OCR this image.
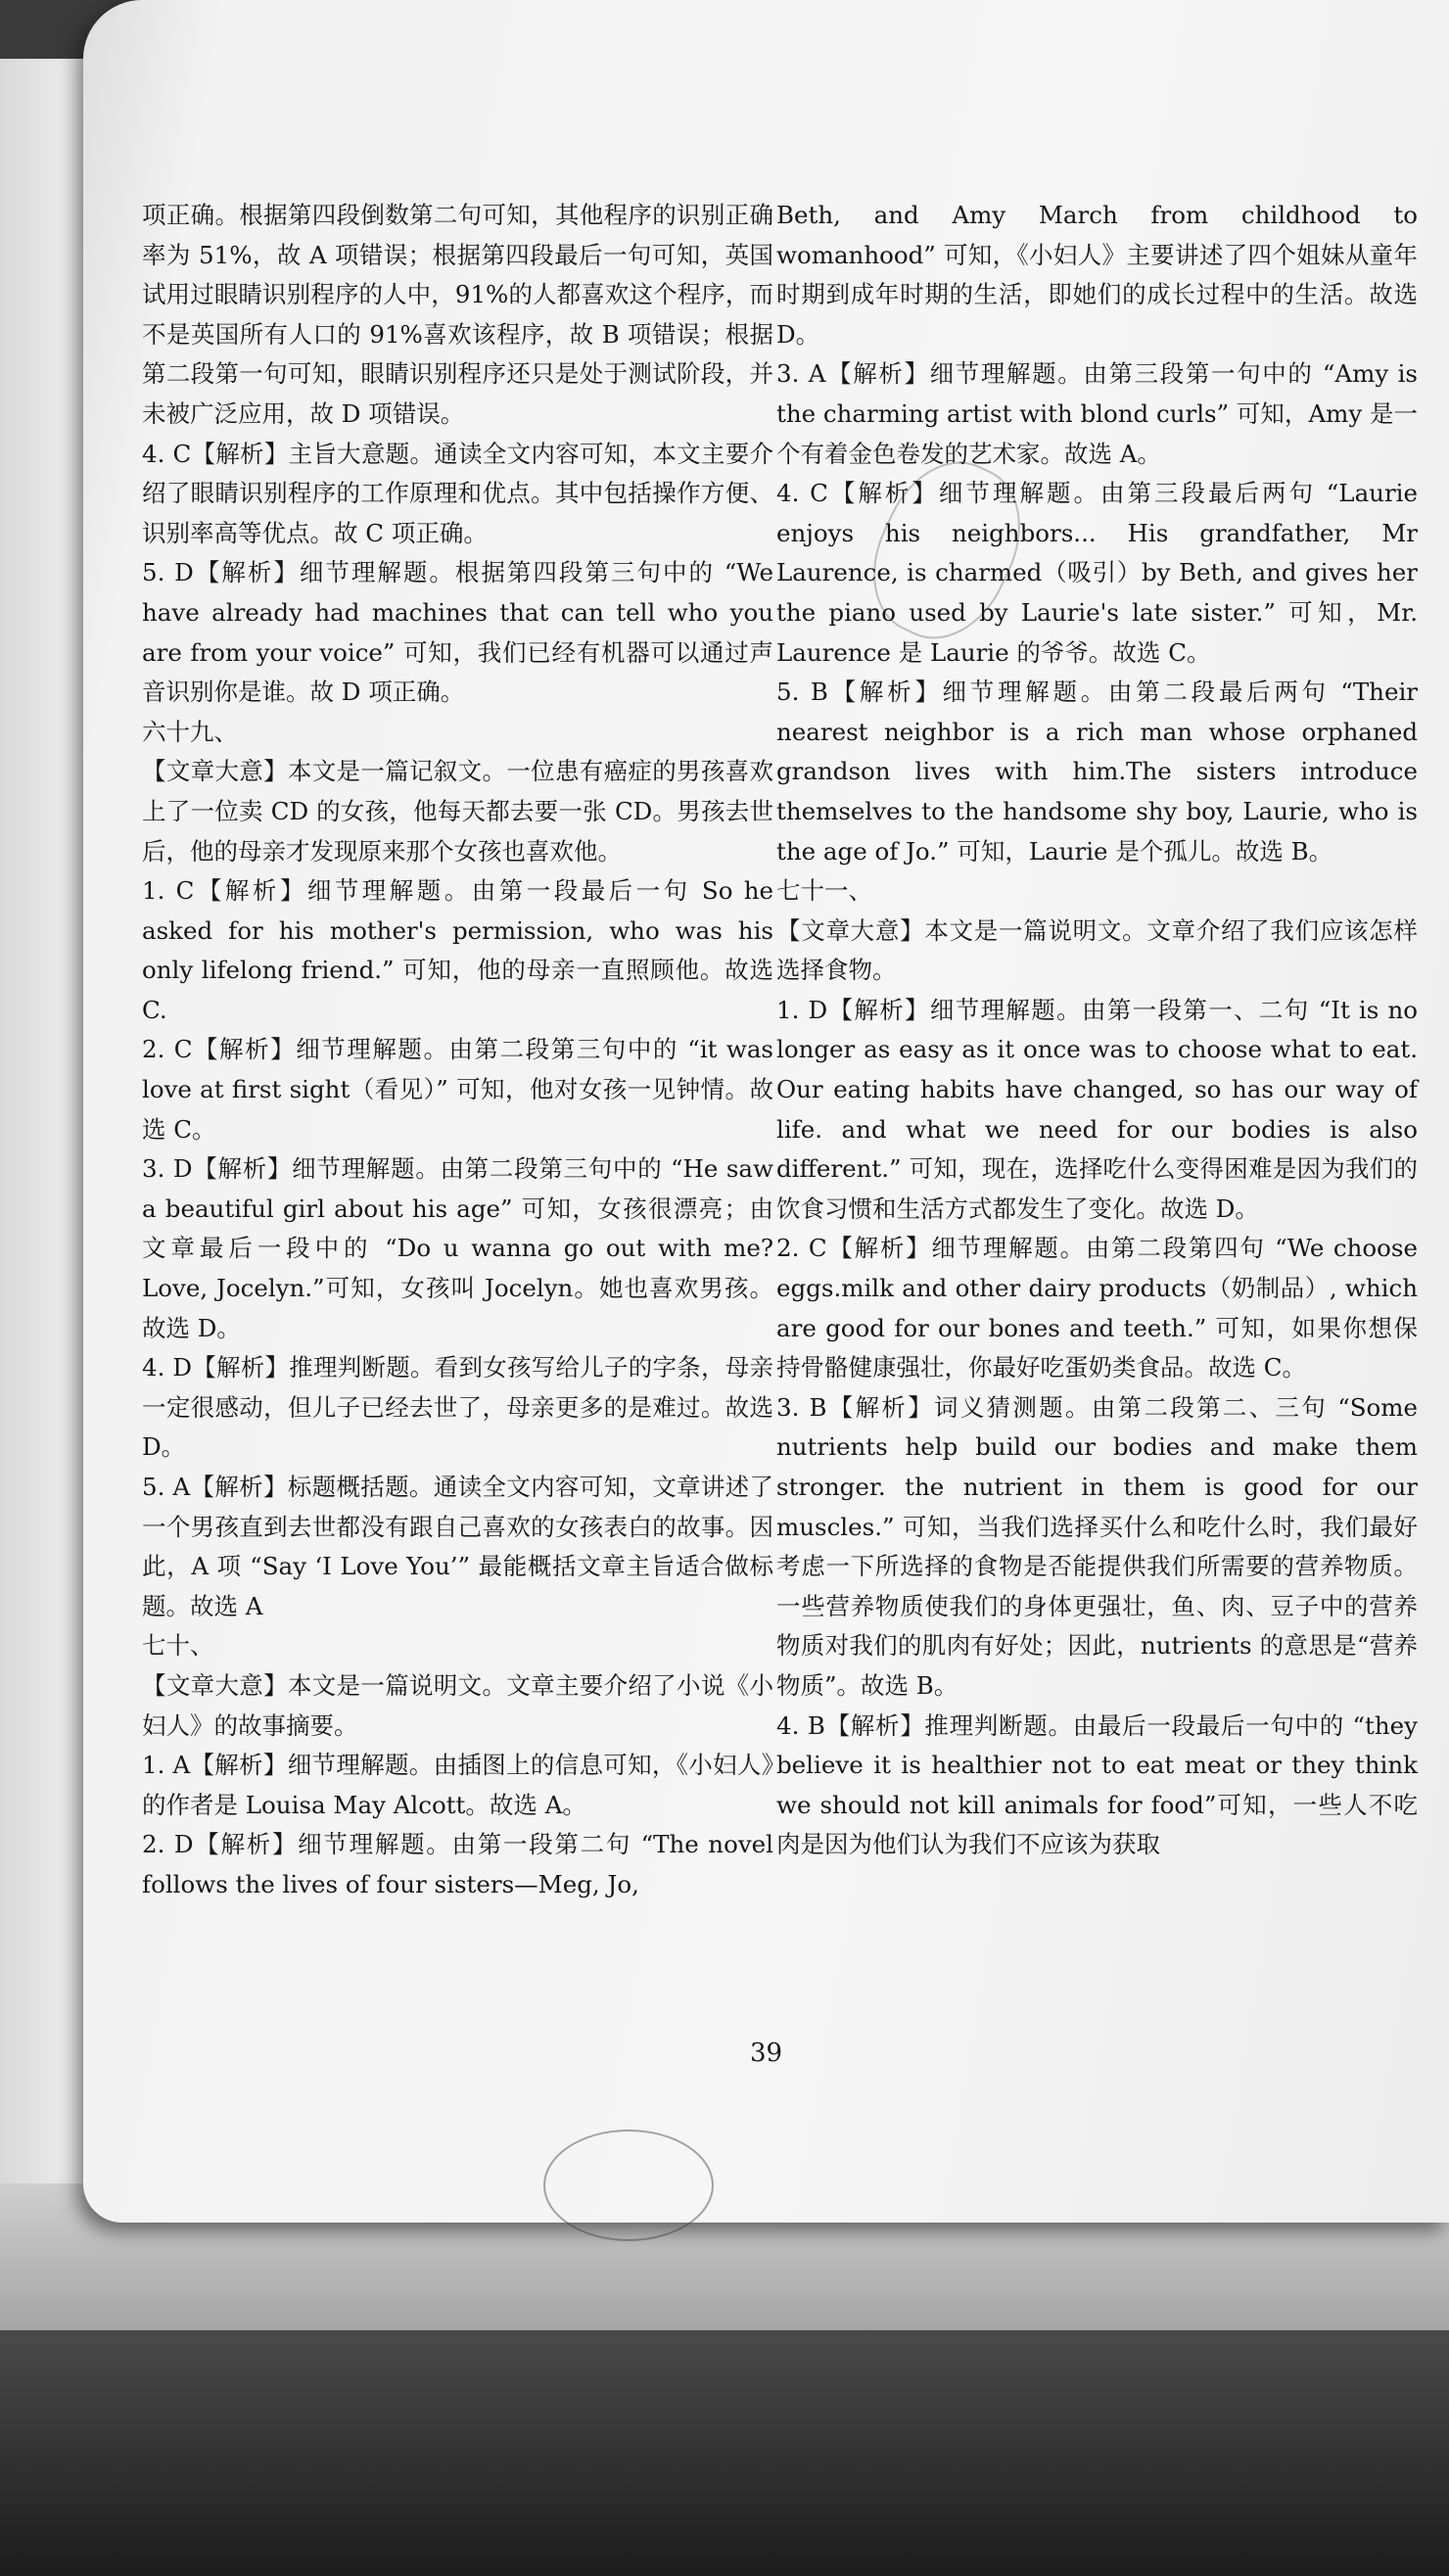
项正确。根据第四段倒数第二句可知，其他程序的识别正确率为 51%，故 A 项错误；根据第四段最后一句可知，英国试用过眼睛识别程序的人中，91%的人都喜欢这个程序，而不是英国所有人口的 91%喜欢该程序，故 B 项错误；根据第二段第一句可知，眼睛识别程序还只是处于测试阶段，并未被广泛应用，故 D 项错误。

4. C【解析】主旨大意题。通读全文内容可知，本文主要介绍了眼睛识别程序的工作原理和优点。其中包括操作方便、识别率高等优点。故 C 项正确。

5. D【解析】细节理解题。根据第四段第三句中的 “We have already had machines that can tell who you are from your voice” 可知，我们已经有机器可以通过声音识别你是谁。故 D 项正确。

六十九、

【文章大意】本文是一篇记叙文。一位患有癌症的男孩喜欢上了一位卖 CD 的女孩，他每天都去要一张 CD。男孩去世后，他的母亲才发现原来那个女孩也喜欢他。

1. C【解析】细节理解题。由第一段最后一句 So he asked for his mother's permission, who was his only lifelong friend.” 可知，他的母亲一直照顾他。故选 C.

2. C【解析】细节理解题。由第二段第三句中的 “it was love at first sight（看见）” 可知，他对女孩一见钟情。故选 C。

3. D【解析】细节理解题。由第二段第三句中的 “He saw a beautiful girl about his age” 可知，女孩很漂亮；由文章最后一段中的 “Do u wanna go out with me? Love, Jocelyn.”可知，女孩叫 Jocelyn。她也喜欢男孩。故选 D。

4. D【解析】推理判断题。看到女孩写给儿子的字条，母亲一定很感动，但儿子已经去世了，母亲更多的是难过。故选 D。

5. A【解析】标题概括题。通读全文内容可知，文章讲述了一个男孩直到去世都没有跟自己喜欢的女孩表白的故事。因此，A 项 “Say ‘I Love You’” 最能概括文章主旨适合做标题。故选 A

七十、

【文章大意】本文是一篇说明文。文章主要介绍了小说《小妇人》的故事摘要。

1. A【解析】细节理解题。由插图上的信息可知，《小妇人》的作者是 Louisa May Alcott。故选 A。

2. D【解析】细节理解题。由第一段第二句 “The novel follows the lives of four sisters—Meg, Jo,

Beth, and Amy March from childhood to womanhood” 可知，《小妇人》主要讲述了四个姐妹从童年时期到成年时期的生活，即她们的成长过程中的生活。故选 D。

3. A【解析】细节理解题。由第三段第一句中的 “Amy is the charming artist with blond curls” 可知，Amy 是一个有着金色卷发的艺术家。故选 A。

4. C【解析】细节理解题。由第三段最后两句 “Laurie enjoys his neighbors... His grandfather, Mr Laurence, is charmed（吸引）by Beth, and gives her the piano used by Laurie's late sister.” 可知，Mr. Laurence 是 Laurie 的爷爷。故选 C。

5. B【解析】细节理解题。由第二段最后两句 “Their nearest neighbor is a rich man whose orphaned grandson lives with him.The sisters introduce themselves to the handsome shy boy, Laurie, who is the age of Jo.” 可知，Laurie 是个孤儿。故选 B。

七十一、

【文章大意】本文是一篇说明文。文章介绍了我们应该怎样选择食物。

1. D【解析】细节理解题。由第一段第一、二句 “It is no longer as easy as it once was to choose what to eat. Our eating habits have changed, so has our way of life. and what we need for our bodies is also different.” 可知，现在，选择吃什么变得困难是因为我们的饮食习惯和生活方式都发生了变化。故选 D。

2. C【解析】细节理解题。由第二段第四句 “We choose eggs.milk and other dairy products（奶制品）, which are good for our bones and teeth.” 可知，如果你想保持骨骼健康强壮，你最好吃蛋奶类食品。故选 C。

3. B【解析】词义猜测题。由第二段第二、三句 “Some nutrients help build our bodies and make them stronger. the nutrient in them is good for our muscles.” 可知，当我们选择买什么和吃什么时，我们最好考虑一下所选择的食物是否能提供我们所需要的营养物质。一些营养物质使我们的身体更强壮，鱼、肉、豆子中的营养物质对我们的肌肉有好处；因此，nutrients 的意思是“营养物质”。故选 B。

4. B【解析】推理判断题。由最后一段最后一句中的 “they believe it is healthier not to eat meat or they think we should not kill animals for food”可知，一些人不吃肉是因为他们认为我们不应该为获取

39
